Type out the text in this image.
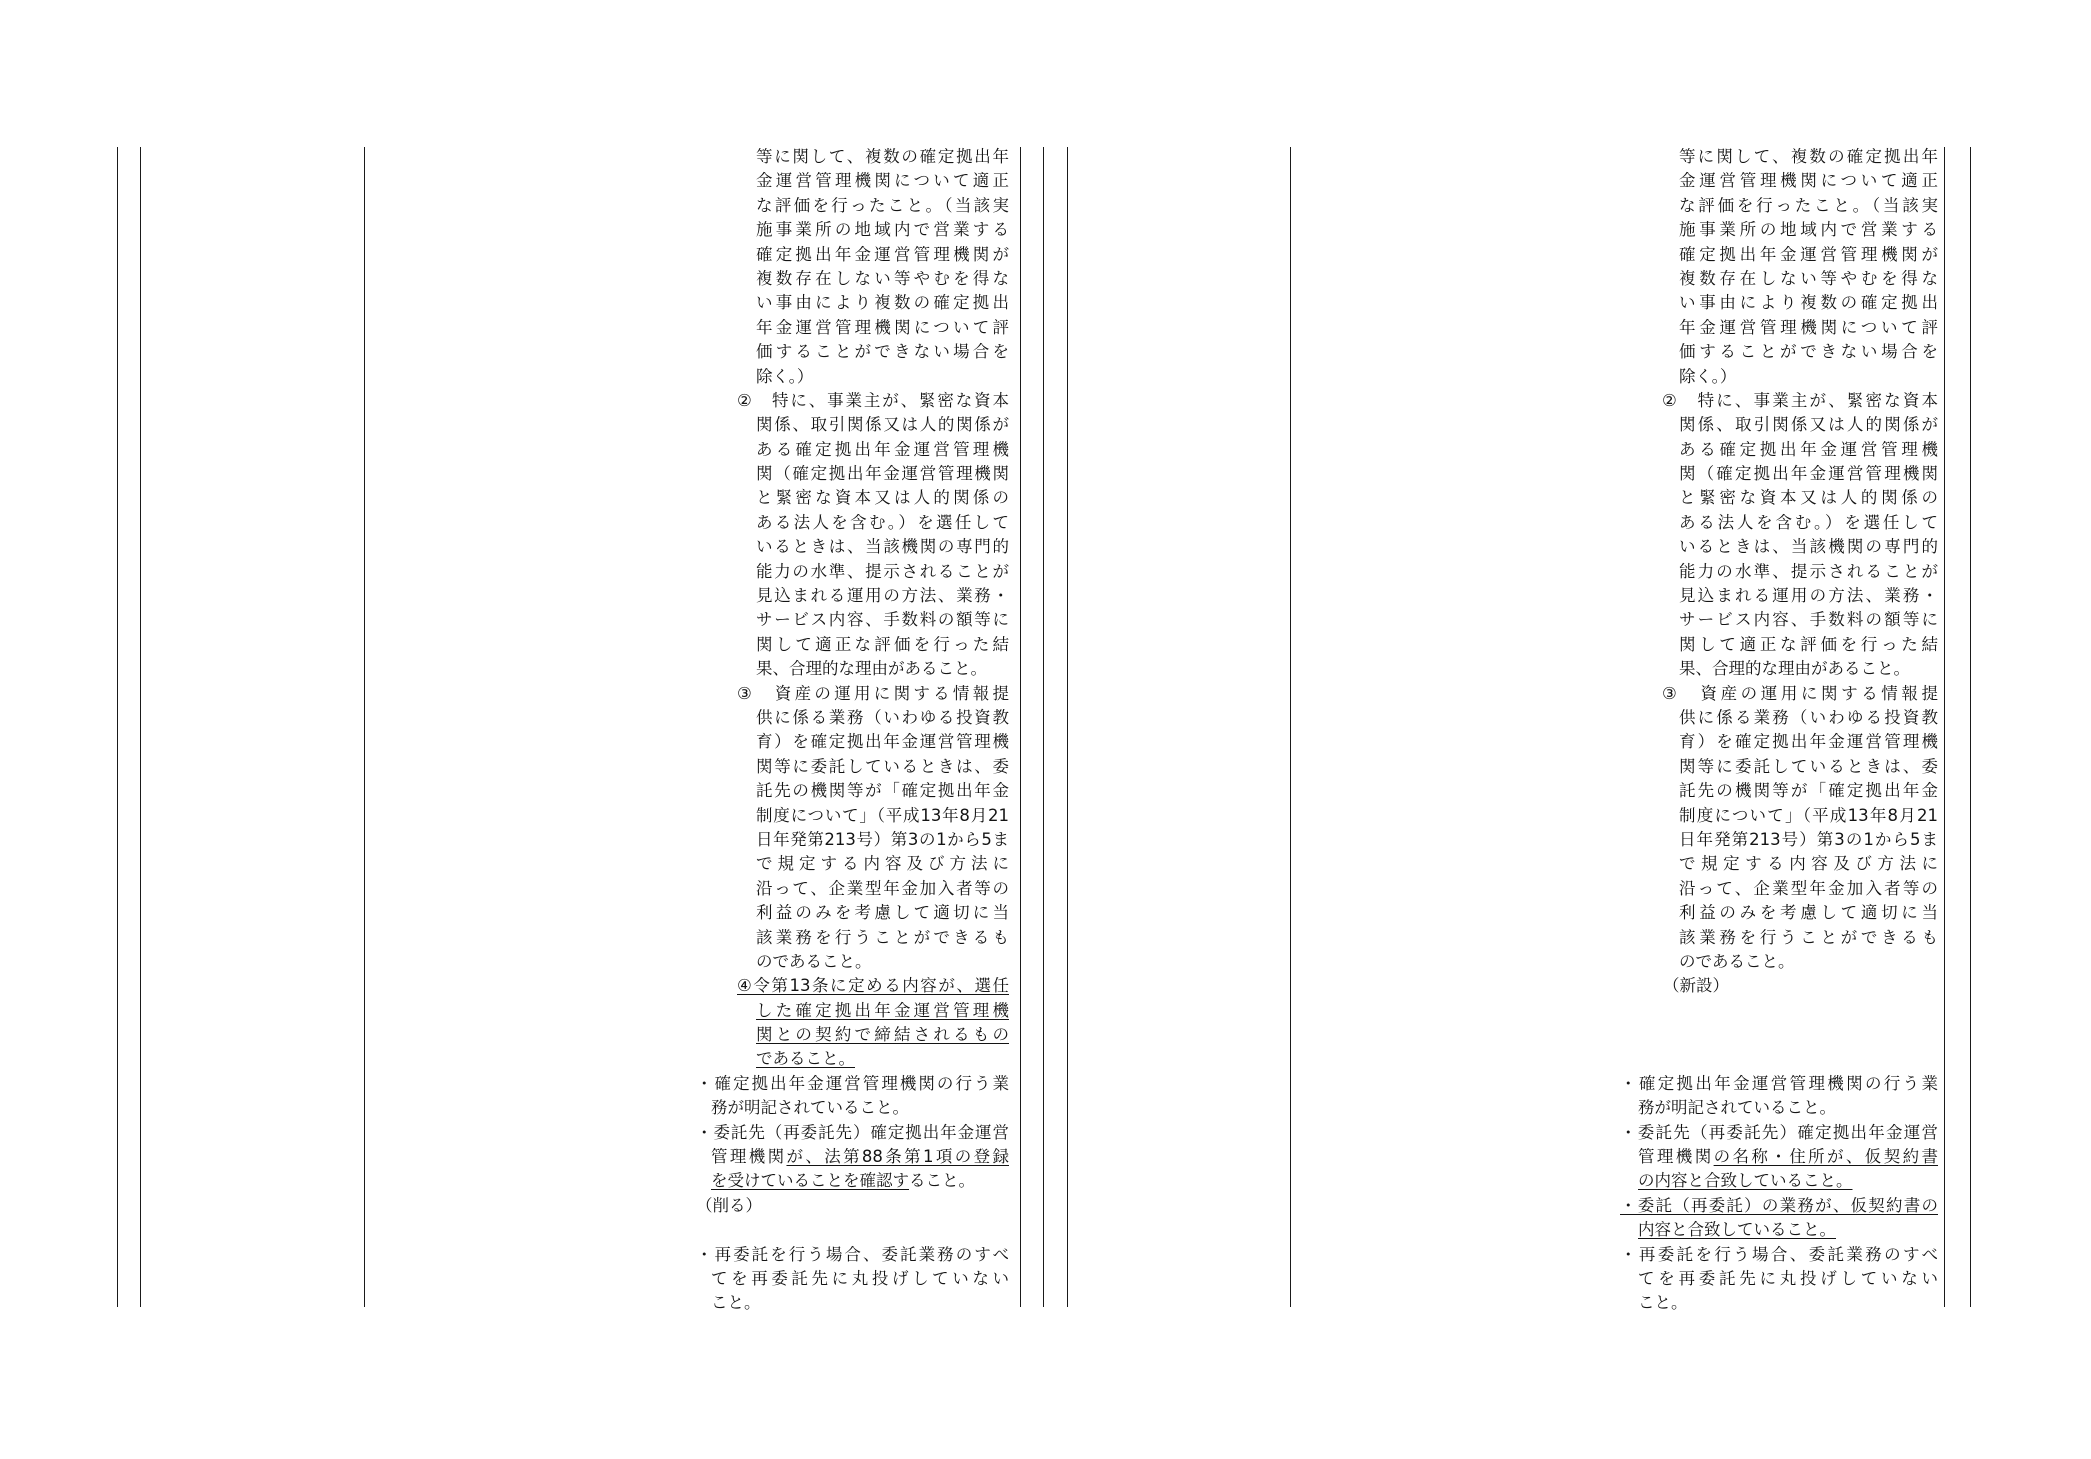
等に関して、複数の確定拠出年
金運営管理機関について適正
な評価を行ったこと。（当該実
施事業所の地域内で営業する
確定拠出年金運営管理機関が
複数存在しない等やむを得な
い事由により複数の確定拠出
年金運営管理機関について評
価することができない場合を
除く。）
②　特に、事業主が、緊密な資本
関係、取引関係又は人的関係が
ある確定拠出年金運営管理機
関（確定拠出年金運営管理機関
と緊密な資本又は人的関係の
ある法人を含む。）を選任して
いるときは、当該機関の専門的
能力の水準、提示されることが
見込まれる運用の方法、業務・
サービス内容、手数料の額等に
関して適正な評価を行った結
果、合理的な理由があること。
③　資産の運用に関する情報提
供に係る業務（いわゆる投資教
育）を確定拠出年金運営管理機
関等に委託しているときは、委
託先の機関等が「確定拠出年金
制度について」（平成13年8月21
日年発第213号）第3の1から5ま
で規定する内容及び方法に
沿って、企業型年金加入者等の
利益のみを考慮して適切に当
該業務を行うことができるも
のであること。
④令第13条に定める内容が、選任
した確定拠出年金運営管理機
関との契約で締結されるもの
であること。
・確定拠出年金運営管理機関の行う業
務が明記されていること。
・委託先（再委託先）確定拠出年金運営
管理機関が、法第88条第1項の登録
を受けていることを確認すること。
（削る）
・再委託を行う場合、委託業務のすべ
てを再委託先に丸投げしていない
こと。
等に関して、複数の確定拠出年
金運営管理機関について適正
な評価を行ったこと。（当該実
施事業所の地域内で営業する
確定拠出年金運営管理機関が
複数存在しない等やむを得な
い事由により複数の確定拠出
年金運営管理機関について評
価することができない場合を
除く。）
②　特に、事業主が、緊密な資本
関係、取引関係又は人的関係が
ある確定拠出年金運営管理機
関（確定拠出年金運営管理機関
と緊密な資本又は人的関係の
ある法人を含む。）を選任して
いるときは、当該機関の専門的
能力の水準、提示されることが
見込まれる運用の方法、業務・
サービス内容、手数料の額等に
関して適正な評価を行った結
果、合理的な理由があること。
③　資産の運用に関する情報提
供に係る業務（いわゆる投資教
育）を確定拠出年金運営管理機
関等に委託しているときは、委
託先の機関等が「確定拠出年金
制度について」（平成13年8月21
日年発第213号）第3の1から5ま
で規定する内容及び方法に
沿って、企業型年金加入者等の
利益のみを考慮して適切に当
該業務を行うことができるも
のであること。
（新設）
・確定拠出年金運営管理機関の行う業
務が明記されていること。
・委託先（再委託先）確定拠出年金運営
管理機関の名称・住所が、仮契約書
の内容と合致していること。
・委託（再委託）の業務が、仮契約書の
内容と合致していること。
・再委託を行う場合、委託業務のすべ
てを再委託先に丸投げしていない
こと。
